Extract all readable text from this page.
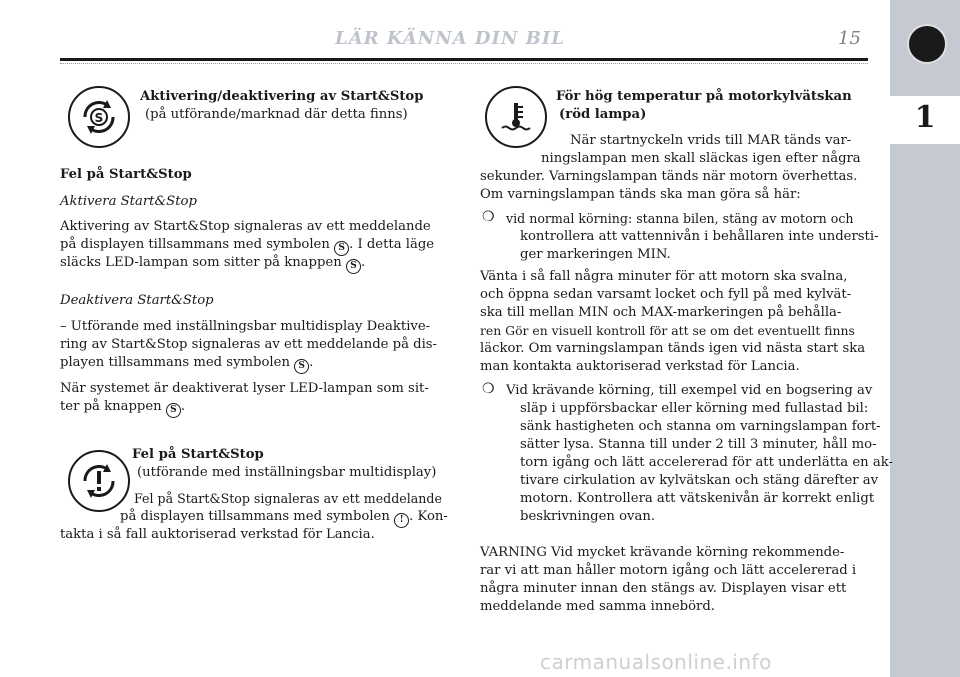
LÄR KÄNNA DIN BIL	15
1
S
Aktivering/deaktivering av Start&Stop
(på utförande/marknad där detta finns)
Fel på Start&Stop
Aktivera Start&Stop
Aktivering av Start&Stop signaleras av ett meddelande
på displayen tillsammans med symbolen S . I detta läge
släcks LED-lampan som sitter på knappen S .
Deaktivera Start&Stop
– Utförande med inställningsbar multidisplay Deaktive-
ring av Start&Stop signaleras av ett meddelande på dis-
playen tillsammans med symbolen S .
När systemet är deaktiverat lyser LED-lampan som sit-
ter på knappen S .
Fel på Start&Stop
(utförande med inställningsbar multidisplay)
Fel på Start&Stop signaleras av ett meddelande
på displayen tillsammans med symbolen ! . Kon-
takta i så fall auktoriserad verkstad för Lancia.
För hög temperatur på motorkylvätskan
(röd lampa)
När startnyckeln vrids till MAR tänds var-
ningslampan men skall släckas igen efter några
sekunder. Varningslampan tänds när motorn överhettas.
Om varningslampan tänds ska man göra så här:
❍ vid normal körning: stanna bilen, stäng av motorn och
kontrollera att vattennivån i behållaren inte understi-
ger markeringen MIN.
Vänta i så fall några minuter för att motorn ska svalna,
och öppna sedan varsamt locket och fyll på med kylvät-
ska till mellan MIN och MAX-markeringen på behålla-
ren Gör en visuell kontroll för att se om det eventuellt finns
läckor. Om varningslampan tänds igen vid nästa start ska
man kontakta auktoriserad verkstad för Lancia.
❍ Vid krävande körning, till exempel vid en bogsering av
släp i uppförsbackar eller körning med fullastad bil:
sänk hastigheten och stanna om varningslampan fort-
sätter lysa. Stanna till under 2 till 3 minuter, håll mo-
torn igång och lätt accelererad för att underlätta en ak-
tivare cirkulation av kylvätskan och stäng därefter av
motorn. Kontrollera att vätskenivån är korrekt enligt
beskrivningen ovan.
VARNING Vid mycket krävande körning rekommende-
rar vi att man håller motorn igång och lätt accelererad i
några minuter innan den stängs av. Displayen visar ett
meddelande med samma innebörd.
carmanualsonline.info
